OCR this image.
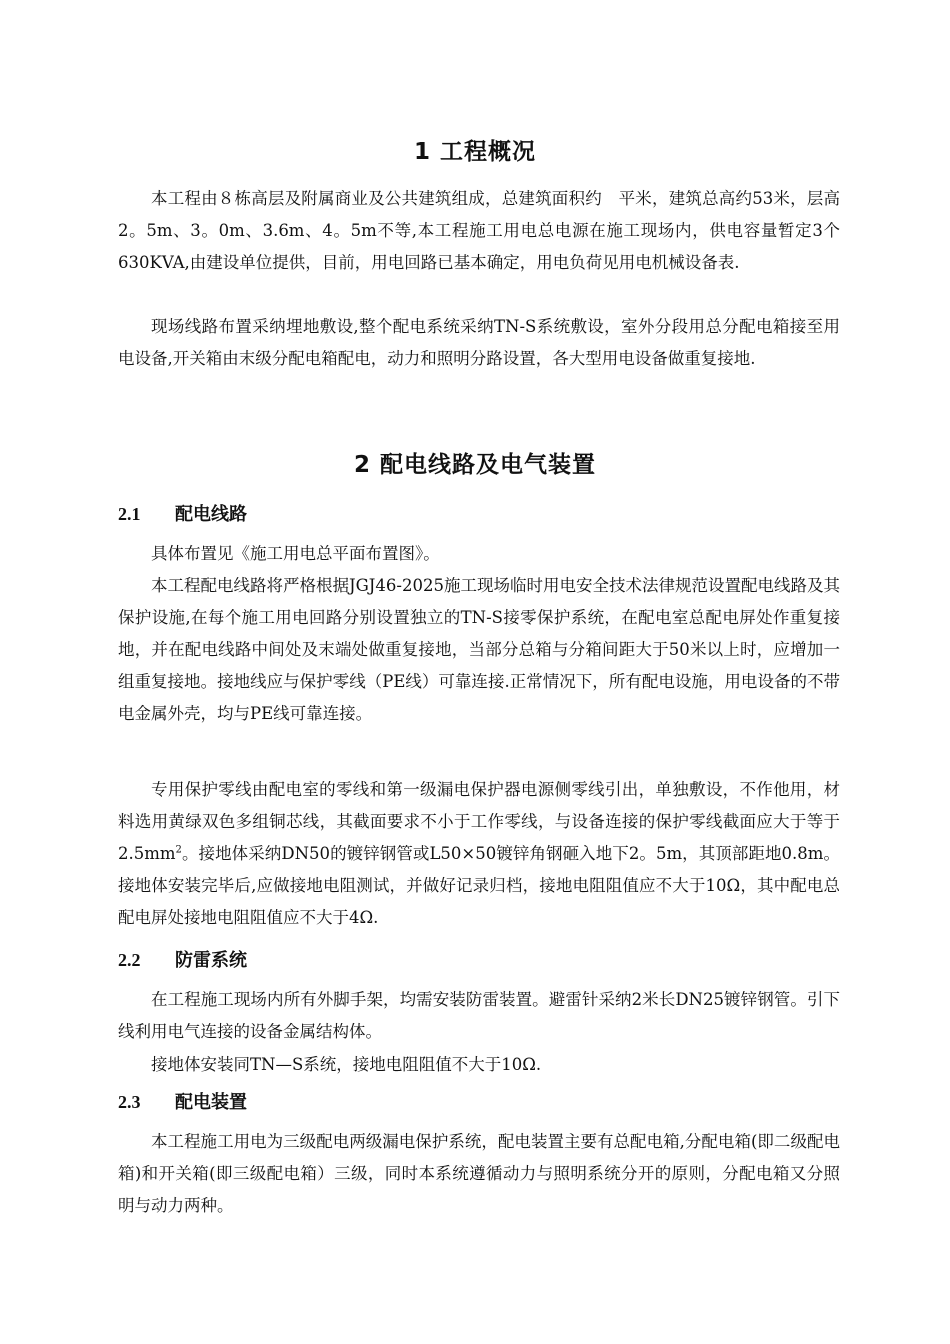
1 工程概况

本工程由８栋高层及附属商业及公共建筑组成，总建筑面积约　平米，建筑总高约53米，层高2。5m、3。0m、3.6m、4。5m不等,本工程施工用电总电源在施工现场内，供电容量暂定3个630KVA,由建设单位提供，目前，用电回路已基本确定，用电负荷见用电机械设备表.

现场线路布置采纳埋地敷设,整个配电系统采纳TN-S系统敷设，室外分段用总分配电箱接至用电设备,开关箱由末级分配电箱配电，动力和照明分路设置，各大型用电设备做重复接地.

2 配电线路及电气装置
2.1 配电线路

具体布置见《施工用电总平面布置图》。

本工程配电线路将严格根据JGJ46-2025施工现场临时用电安全技术法律规范设置配电线路及其保护设施,在每个施工用电回路分别设置独立的TN-S接零保护系统，在配电室总配电屏处作重复接地，并在配电线路中间处及末端处做重复接地，当部分总箱与分箱间距大于50米以上时，应增加一组重复接地。接地线应与保护零线（PE线）可靠连接.正常情况下，所有配电设施，用电设备的不带电金属外壳，均与PE线可靠连接。

专用保护零线由配电室的零线和第一级漏电保护器电源侧零线引出，单独敷设，不作他用，材料选用黄绿双色多组铜芯线，其截面要求不小于工作零线，与设备连接的保护零线截面应大于等于$2.5mm^2$。接地体采纳DN50的镀锌钢管或L50×50镀锌角钢砸入地下2。5m，其顶部距地0.8m。接地体安装完毕后,应做接地电阻测试，并做好记录归档，接地电阻阻值应不大于10Ω，其中配电总配电屏处接地电阻阻值应不大于4Ω.

2.2 防雷系统

在工程施工现场内所有外脚手架，均需安装防雷装置。避雷针采纳2米长DN25镀锌钢管。引下线利用电气连接的设备金属结构体。

接地体安装同TN—S系统，接地电阻阻值不大于10Ω.

2.3 配电装置

本工程施工用电为三级配电两级漏电保护系统，配电装置主要有总配电箱,分配电箱(即二级配电箱)和开关箱(即三级配电箱）三级，同时本系统遵循动力与照明系统分开的原则，分配电箱又分照明与动力两种。
